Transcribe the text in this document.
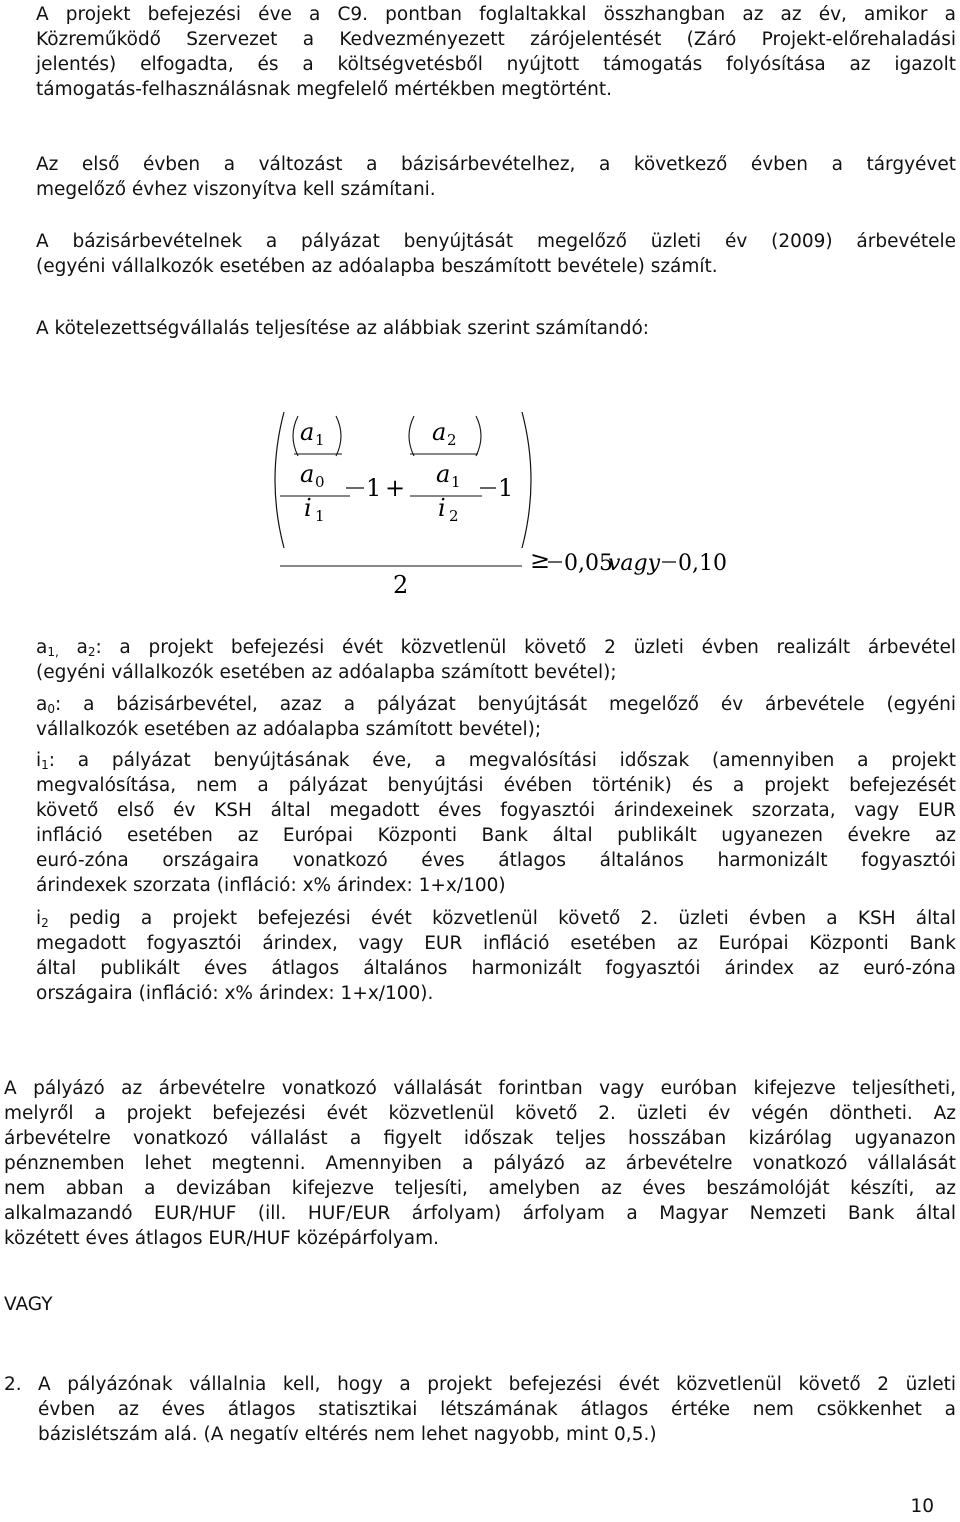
A projekt befejezési éve a C9. pontban foglaltakkal összhangban az az év, amikor a
Közreműködő Szervezet a Kedvezményezett zárójelentését (Záró Projekt-előrehaladási
jelentés) elfogadta, és a költségvetésből nyújtott támogatás folyósítása az igazolt
támogatás-felhasználásnak megfelelő mértékben megtörtént.
Az első évben a változást a bázisárbevételhez, a következő évben a tárgyévet
megelőző évhez viszonyítva kell számítani.
A bázisárbevételnek a pályázat benyújtását megelőző üzleti év (2009) árbevétele
(egyéni vállalkozók esetében az adóalapba beszámított bevétele) számít.
A kötelezettségvállalás teljesítése az alábbiak szerint számítandó:
a 1
a 0
i 1
1 +
a 2
a 1
i 2
1
2
≥ 0,05
vagy 0,10
$a_{1,}$ $a_2$: a projekt befejezési évét közvetlenül követő 2 üzleti évben realizált árbevétel
(egyéni vállalkozók esetében az adóalapba számított bevétel);
$a_0$: a bázisárbevétel, azaz a pályázat benyújtását megelőző év árbevétele (egyéni
vállalkozók esetében az adóalapba számított bevétel);
$i_1$: a pályázat benyújtásának éve, a megvalósítási időszak (amennyiben a projekt
megvalósítása, nem a pályázat benyújtási évében történik) és a projekt befejezését
követő első év KSH által megadott éves fogyasztói árindexeinek szorzata, vagy EUR
infláció esetében az Európai Központi Bank által publikált ugyanezen évekre az
euró-zóna országaira vonatkozó éves átlagos általános harmonizált fogyasztói
árindexek szorzata (infláció: x% árindex: 1+x/100)
$i_2$ pedig a projekt befejezési évét közvetlenül követő 2. üzleti évben a KSH által
megadott fogyasztói árindex, vagy EUR infláció esetében az Európai Központi Bank
által publikált éves átlagos általános harmonizált fogyasztói árindex az euró-zóna
országaira (infláció: x% árindex: 1+x/100).
A pályázó az árbevételre vonatkozó vállalását forintban vagy euróban kifejezve teljesítheti,
melyről a projekt befejezési évét közvetlenül követő 2. üzleti év végén döntheti. Az
árbevételre vonatkozó vállalást a figyelt időszak teljes hosszában kizárólag ugyanazon
pénznemben lehet megtenni. Amennyiben a pályázó az árbevételre vonatkozó vállalását
nem abban a devizában kifejezve teljesíti, amelyben az éves beszámolóját készíti, az
alkalmazandó EUR/HUF (ill. HUF/EUR árfolyam) árfolyam a Magyar Nemzeti Bank által
közétett éves átlagos EUR/HUF középárfolyam.
VAGY
2. A pályázónak vállalnia kell, hogy a projekt befejezési évét közvetlenül követő 2 üzleti
évben az éves átlagos statisztikai létszámának átlagos értéke nem csökkenhet a
bázislétszám alá. (A negatív eltérés nem lehet nagyobb, mint 0,5.)
10
